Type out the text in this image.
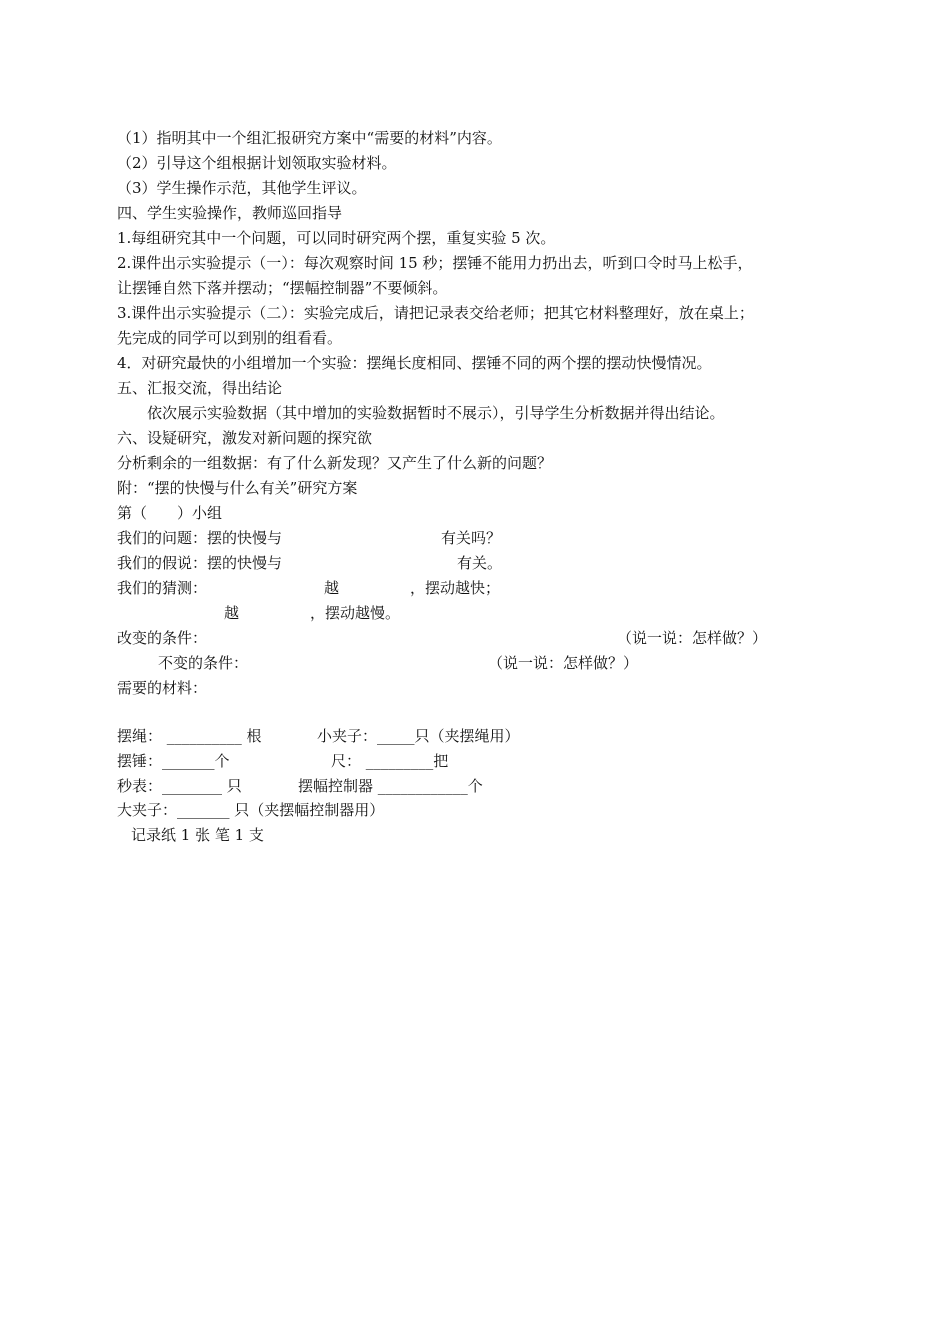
（1）指明其中一个组汇报研究方案中“需要的材料”内容。
（2）引导这个组根据计划领取实验材料。
（3）学生操作示范，其他学生评议。
四、学生实验操作，教师巡回指导
1.每组研究其中一个问题，可以同时研究两个摆，重复实验 5 次。
2.课件出示实验提示（一）：每次观察时间 15 秒；摆锤不能用力扔出去，听到口令时马上松手，
让摆锤自然下落并摆动；“摆幅控制器”不要倾斜。
3.课件出示实验提示（二）：实验完成后，请把记录表交给老师；把其它材料整理好，放在桌上；
先完成的同学可以到别的组看看。
4．对研究最快的小组增加一个实验：摆绳长度相同、摆锤不同的两个摆的摆动快慢情况。
五、汇报交流，得出结论
依次展示实验数据（其中增加的实验数据暂时不展示），引导学生分析数据并得出结论。
六、设疑研究，激发对新问题的探究欲
分析剩余的一组数据：有了什么新发现？又产生了什么新的问题？
附：“摆的快慢与什么有关”研究方案
第（　　）小组
我们的问题：摆的快慢与	有关吗？
我们的假说：摆的快慢与	有关。
我们的猜测：	越	，摆动越快；
越	，摆动越慢。
改变的条件：	（说一说：怎样做？）
不变的条件：	（说一说：怎样做？）
需要的材料：
摆绳： __________ 根	小夹子：_____只（夹摆绳用）
摆锤：_______个	尺： _________把
秒表：________ 只	摆幅控制器 ____________个
大夹子：_______ 只（夹摆幅控制器用）
记录纸 1 张 笔 1 支
